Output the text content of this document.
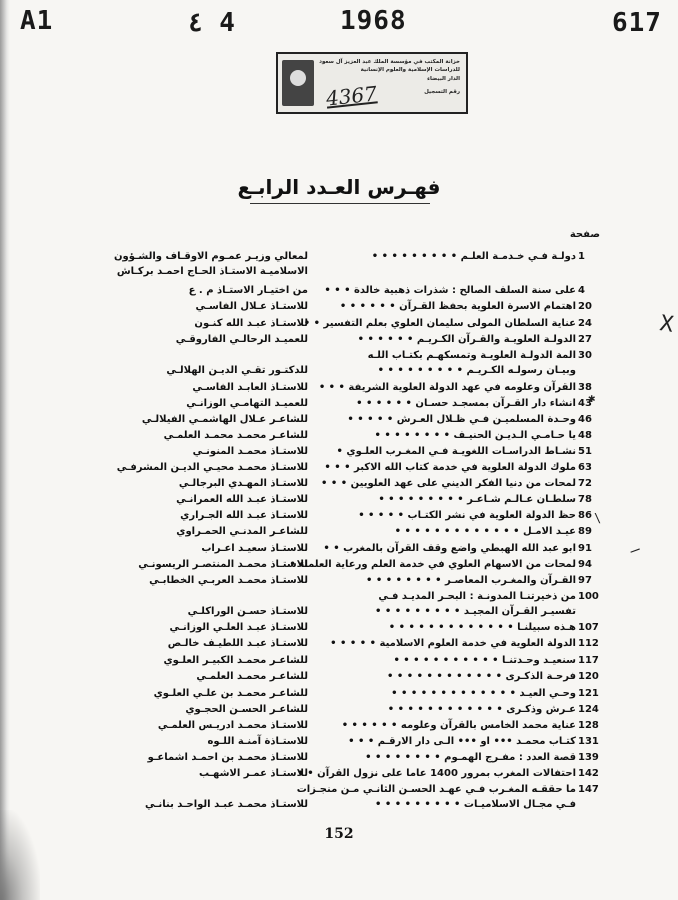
A1	٤ 4	1968	617
خزانة المكتب في مؤسسة الملك عبد العزيز آل سعود
للدراسات الإسلامية والعلوم الإنسانية
الدار البيضاء
رقم التسجيل
4367
فهـرس العـدد الرابـع
صفحة
1
دولـة فـي خـدمـة العلـم • • • • • • • • •
لمعالي وزيـر عمـوم الاوقـاف والشـؤون
الاسلاميـة الاستـاذ الحـاج احمـد بركـاش
4
على سنة السلف الصالح : شذرات ذهبية خالدة • • •
من اختيـار الاستـاذ م . ع
20
اهتمام الاسرة العلوية بحفظ القـرآن • • • • • •
للاستـاذ عـلال الفاسـي
24
عناية السلطان المولى سليمان العلوي بعلم التفسير • •
للاستـاذ عبـد الله كنـون
27
الدولـة العلويـة والقـرآن الكـريـم • • • • • •
للعميـد الرحالـي الفاروقـي
30
المة الدولـة العلويـة وتمسكهـم بكتـاب اللـه
وبيـان رسولـه الكـريـم • • • • • • • • •
للدكتـور تقـي الديـن الهلالـي
38
القرآن وعلومه في عهد الدولة العلوية الشريفة • • •
للاستـاذ العابـد الفاسـي
43
انشاء دار القـرآن بمسجـد حسـان • • • • • •
للعميـد التهامـي الوزانـي
46
وحـدة المسلميـن فـي ظـلال العـرش • • • • •
للشاعـر عـلال الهاشمـي الفيلالـي
48
يا حـامـي الـديـن الحنيـف • • • • • • • •
للشاعـر محمـد محمـد العلمـي
51
نشـاط الدراسـات اللغويـة فـي المغـرب العلـوي •
للاستـاذ محمـد المنونـي
63
ملوك الدولة العلوية في خدمة كتاب الله الاكبر • • •
للاستـاذ محمـد محيـي الديـن المشرفـي
72
لمحات من دنيا الفكر الديني على عهد العلويين • • •
للاستـاذ المهـدي البرجالـي
78
سلطـان عـالـم شـاعـر • • • • • • • • •
للاستـاذ عبـد الله العمرانـي
86
حظ الدولة العلوية في نشر الكتـاب • • • • •
للاستـاذ عبـد الله الجـراري
89
عيـد الامـل • • • • • • • • • • • • •
للشاعـر المدنـي الحمـراوي
91
ابو عبد الله الهبطي واضع وقف القرآن بالمغرب • •
للاستـاذ سعيـد اعـراب
94
لمحات من الاسهام العلوي في خدمة العلم ورعاية العلماء •
للاستـاذ محمـد المنتصـر الريسونـي
97
القـرآن والمغـرب المعاصـر • • • • • • • •
للاستـاذ محمـد العربـي الخطابـي
100
من ذخيرتنـا المدونـة : البحـر المديـد فـي
تفسيـر القـرآن المجيـد • • • • • • • • •
للاستـاذ حسـن الوراكلـي
107
هـذه سبيلنـا • • • • • • • • • • • • •
للاستـاذ عبـد العلـي الوزانـي
112
الدولة العلوية في خدمة العلوم الاسلامية • • • • •
للاستـاذ عبـد اللطيـف خالـص
117
سنعيـد وحـدتنـا • • • • • • • • • • •
للشاعـر محمـد الكبيـر العلـوي
120
فرحـة الذكـرى • • • • • • • • • • • •
للشاعـر محمـد العلمـي
121
وحـي العيـد • • • • • • • • • • • • •
للشاعـر محمـد بن علـي العلـوي
124
عـرش وذكـرى • • • • • • • • • • • •
للشاعـر الحسـن الحجـوي
128
عناية محمد الخامس بالقرآن وعلومه • • • • • •
للاستـاذ محمـد ادريـس العلمـي
131
كتـاب محمـد ••• او ••• الـى دار الارقـم • • •
للاستـاذة آمنـة اللـوه
139
قصة العدد : مفـرج الهمـوم • • • • • • • •
للاستـاذ محمـد بن احمـد اشماعـو
142
احتفالات المغرب بمرور 1400 عاما على نزول القرآن • •
للاستـاذ عمـر الاشهـب
147
ما حققـه المغـرب فـي عهـد الحسـن الثانـي مـن منجـزات
فـي مجـال الاسلاميـات • • • • • • • • •
للاستـاذ محمـد عبـد الواحـد بنانـي
X
✱
\
—
152
